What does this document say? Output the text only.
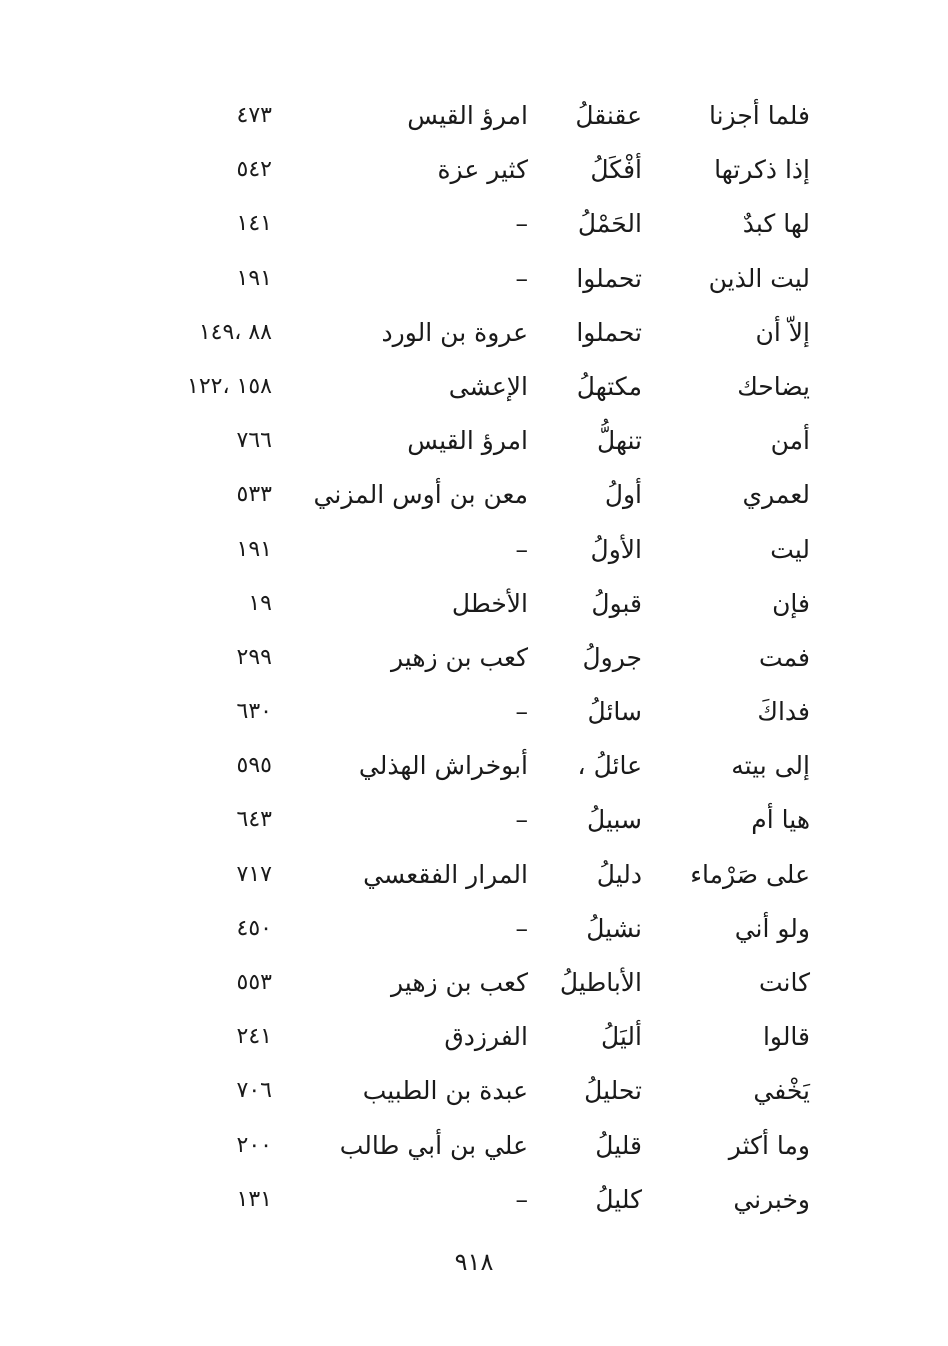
فلما أجزنا
عقنقلُ
امرؤ القيس
٤٧٣
إذا ذكرتها
أفْكَلُ
كثير عزة
٥٤٢
لها كبدٌ
الحَمْلُ
–
١٤١
ليت الذين
تحملوا
–
١٩١
إلاّ أن
تحملوا
عروة بن الورد
٨٨ ،١٤٩
يضاحك
مكتهلُ
الإعشى
١٥٨ ،١٢٢
أمن
تنهلُّ
امرؤ القيس
٧٦٦
لعمري
أولُ
معن بن أوس المزني
٥٣٣
ليت
الأولُ
–
١٩١
فإن
قبولُ
الأخطل
١٩
فمت
جرولُ
كعب بن زهير
٢٩٩
فداكَ
سائلُ
–
٦٣٠
إلى بيته
عائلُ ،
أبوخراش الهذلي
٥٩٥
هيا أم
سبيلُ
–
٦٤٣
على صَرْماء
دليلُ
المرار الفقعسي
٧١٧
ولو أني
نشيلُ
–
٤٥٠
كانت
الأباطيلُ
كعب بن زهير
٥٥٣
قالوا
أليَلُ
الفرزدق
٢٤١
يَخْفي
تحليلُ
عبدة بن الطبيب
٧٠٦
وما أكثر
قليلُ
علي بن أبي طالب
٢٠٠
وخبرني
كليلُ
–
١٣١
٩١٨
